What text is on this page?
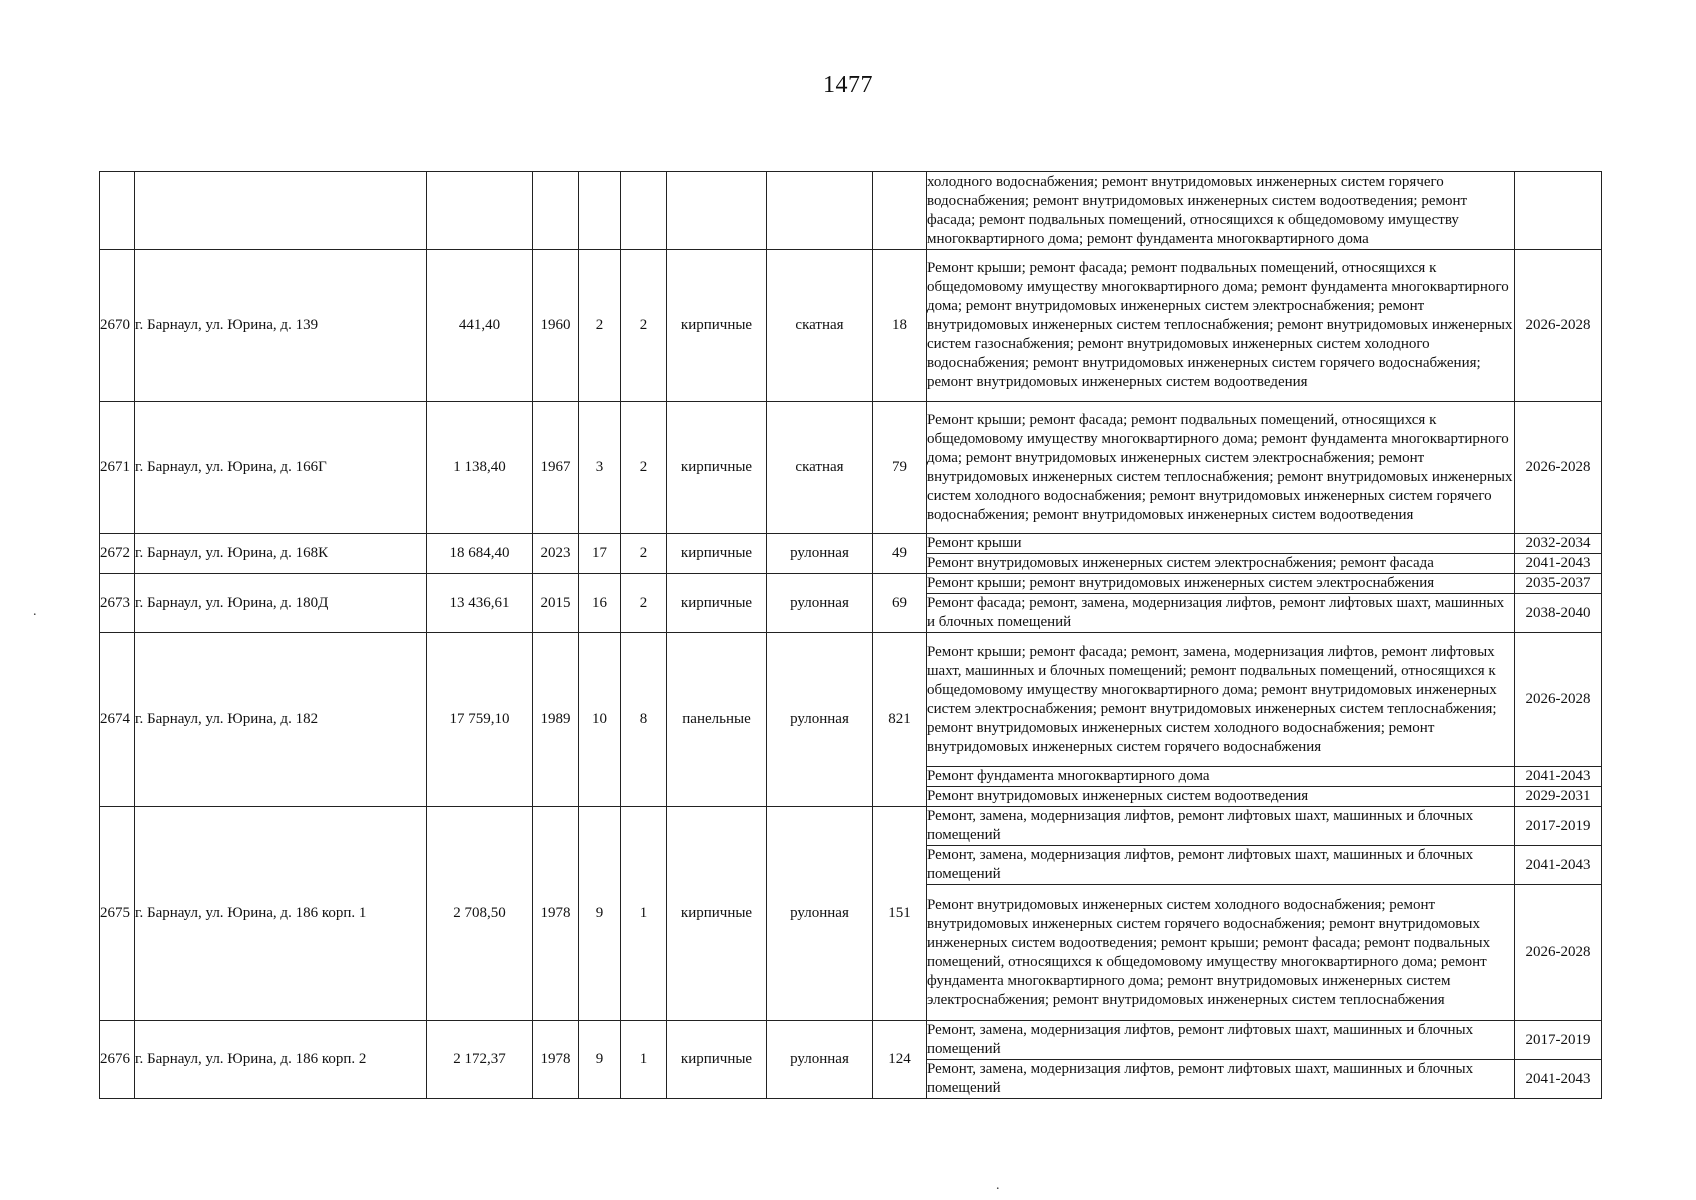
1477
									холодного водоснабжения; ремонт внутридомовых инженерных систем горячего водоснабжения; ремонт внутридомовых инженерных систем водоотведения; ремонт фасада; ремонт подвальных помещений, относящихся к общедомовому имуществу многоквартирного дома; ремонт фундамента многоквартирного дома	
2670	г. Барнаул, ул. Юрина, д. 139	441,40	1960	2	2	кирпичные	скатная	18	Ремонт крыши; ремонт фасада; ремонт подвальных помещений, относящихся к общедомовому имуществу многоквартирного дома; ремонт фундамента многоквартирного дома; ремонт внутридомовых инженерных систем электроснабжения; ремонт внутридомовых инженерных систем теплоснабжения; ремонт внутридомовых инженерных систем газоснабжения; ремонт внутридомовых инженерных систем холодного водоснабжения; ремонт внутридомовых инженерных систем горячего водоснабжения; ремонт внутридомовых инженерных систем водоотведения	2026-2028
2671	г. Барнаул, ул. Юрина, д. 166Г	1 138,40	1967	3	2	кирпичные	скатная	79	Ремонт крыши; ремонт фасада; ремонт подвальных помещений, относящихся к общедомовому имуществу многоквартирного дома; ремонт фундамента многоквартирного дома; ремонт внутридомовых инженерных систем электроснабжения; ремонт внутридомовых инженерных систем теплоснабжения; ремонт внутридомовых инженерных систем холодного водоснабжения; ремонт внутридомовых инженерных систем горячего водоснабжения; ремонт внутридомовых инженерных систем водоотведения	2026-2028
2672	г. Барнаул, ул. Юрина, д. 168К	18 684,40	2023	17	2	кирпичные	рулонная	49	Ремонт крыши	2032-2034
									Ремонт внутридомовых инженерных систем электроснабжения; ремонт фасада	2041-2043
2673	г. Барнаул, ул. Юрина, д. 180Д	13 436,61	2015	16	2	кирпичные	рулонная	69	Ремонт крыши; ремонт внутридомовых инженерных систем электроснабжения	2035-2037
									Ремонт фасада; ремонт, замена, модернизация лифтов, ремонт лифтовых шахт, машинных и блочных помещений	2038-2040
2674	г. Барнаул, ул. Юрина, д. 182	17 759,10	1989	10	8	панельные	рулонная	821	Ремонт крыши; ремонт фасада; ремонт, замена, модернизация лифтов, ремонт лифтовых шахт, машинных и блочных помещений; ремонт подвальных помещений, относящихся к общедомовому имуществу многоквартирного дома; ремонт внутридомовых инженерных систем электроснабжения; ремонт внутридомовых инженерных систем теплоснабжения; ремонт внутридомовых инженерных систем холодного водоснабжения; ремонт внутридомовых инженерных систем горячего водоснабжения	2026-2028
									Ремонт фундамента многоквартирного дома	2041-2043
									Ремонт внутридомовых инженерных систем водоотведения	2029-2031
2675	г. Барнаул, ул. Юрина, д. 186 корп. 1	2 708,50	1978	9	1	кирпичные	рулонная	151	Ремонт, замена, модернизация лифтов, ремонт лифтовых шахт, машинных и блочных помещений	2017-2019
									Ремонт, замена, модернизация лифтов, ремонт лифтовых шахт, машинных и блочных помещений	2041-2043
									Ремонт внутридомовых инженерных систем холодного водоснабжения; ремонт внутридомовых инженерных систем горячего водоснабжения; ремонт внутридомовых инженерных систем водоотведения; ремонт крыши; ремонт фасада; ремонт подвальных помещений, относящихся к общедомовому имуществу многоквартирного дома; ремонт фундамента многоквартирного дома; ремонт внутридомовых инженерных систем электроснабжения; ремонт внутридомовых инженерных систем теплоснабжения	2026-2028
2676	г. Барнаул, ул. Юрина, д. 186 корп. 2	2 172,37	1978	9	1	кирпичные	рулонная	124	Ремонт, замена, модернизация лифтов, ремонт лифтовых шахт, машинных и блочных помещений	2017-2019
									Ремонт, замена, модернизация лифтов, ремонт лифтовых шахт, машинных и блочных помещений	2041-2043
.
.
